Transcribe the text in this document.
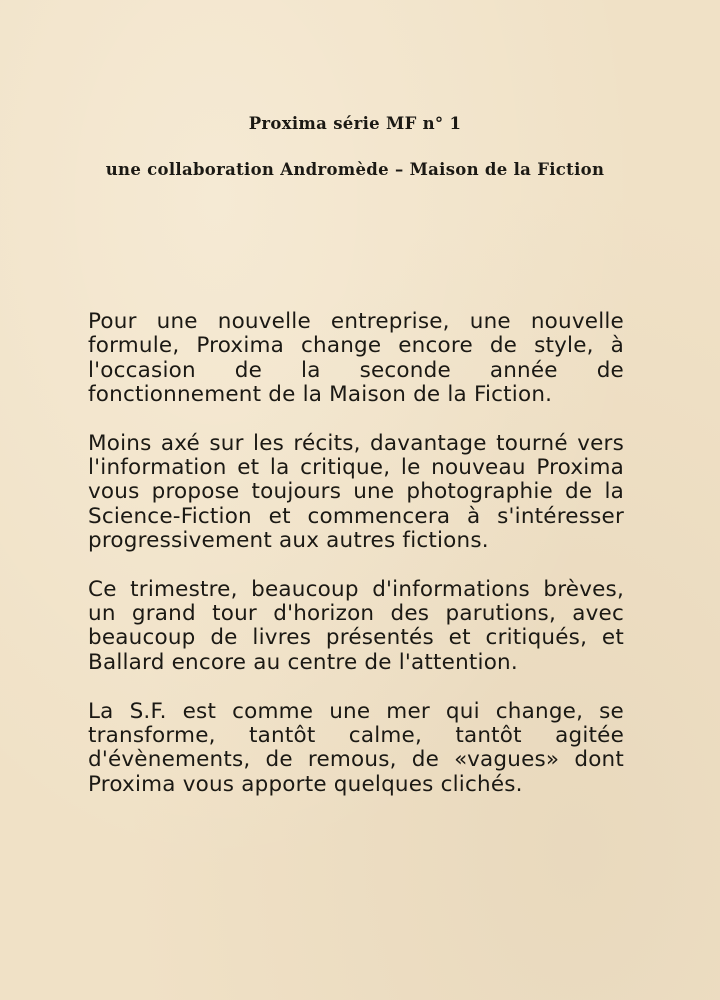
Proxima série MF n° 1
une collaboration Andromède – Maison de la Fiction

Pour une nouvelle entreprise, une nouvelle formule, Proxima change encore de style, à l'occasion de la seconde année de fonctionnement de la Maison de la Fiction.

Moins axé sur les récits, davantage tourné vers l'information et la critique, le nouveau Proxima vous propose toujours une photographie de la Science-Fiction et commencera à s'intéresser progressivement aux autres fictions.

Ce trimestre, beaucoup d'informations brèves, un grand tour d'horizon des parutions, avec beaucoup de livres présentés et critiqués, et Ballard encore au centre de l'attention.

La S.F. est comme une mer qui change, se transforme, tantôt calme, tantôt agitée d'évènements, de remous, de «vagues» dont Proxima vous apporte quelques clichés.
